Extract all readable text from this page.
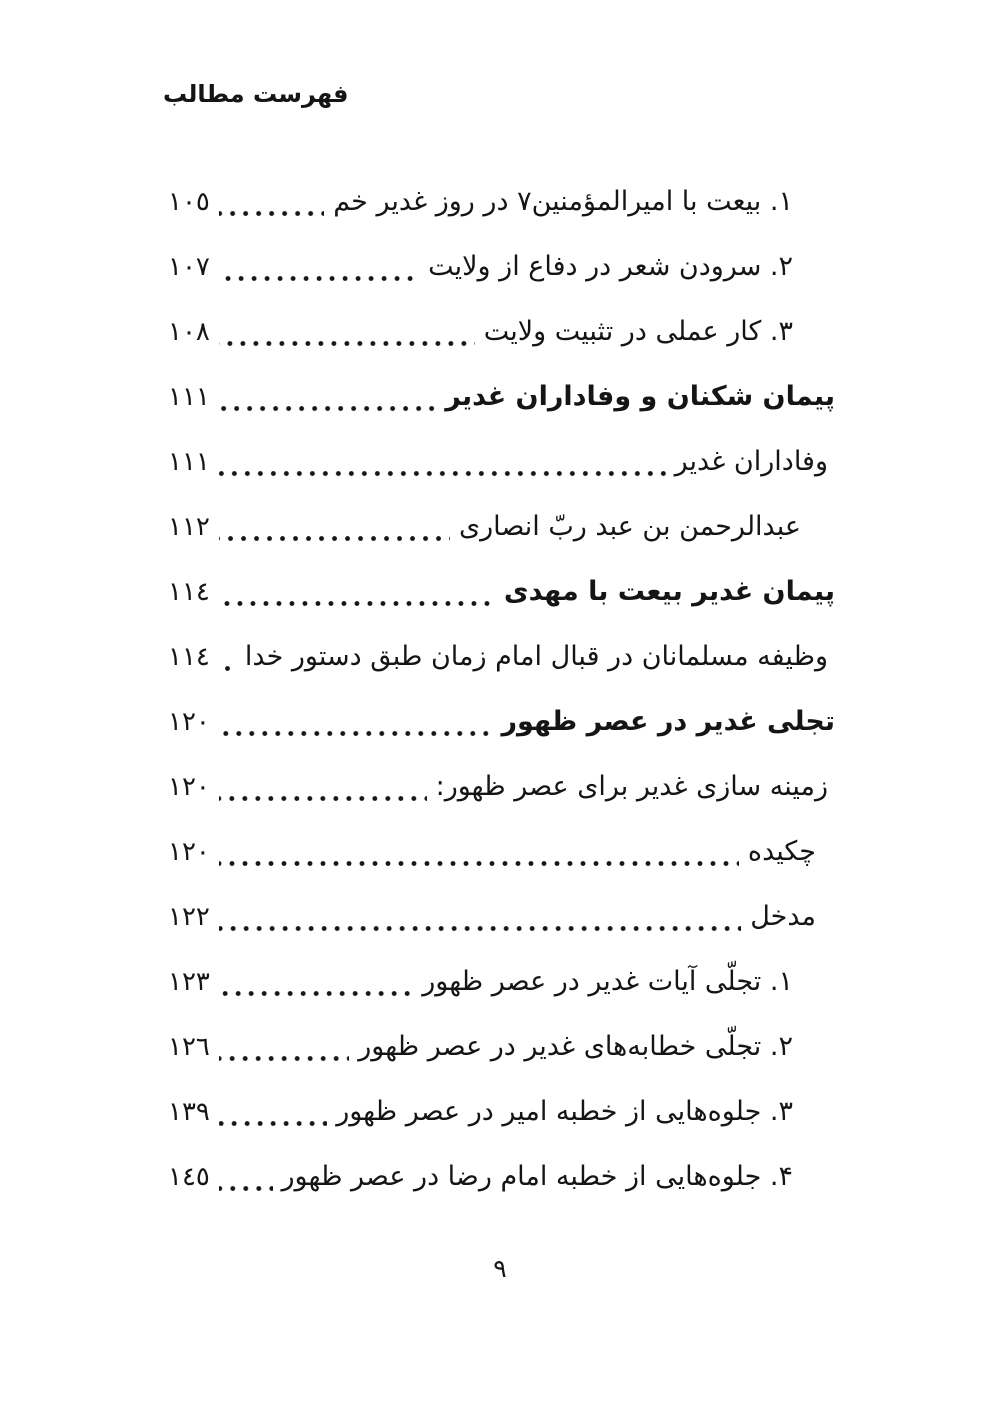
فهرست مطالب
۱. بیعت با امیرالمؤمنین۷ در روز غدیر خم
١٠٥
۲. سرودن شعر در دفاع از ولایت
١٠٧
۳. کار عملی در تثبیت ولایت
١٠٨
پیمان شکنان و وفاداران غدیر
١١١
وفاداران غدیر
١١١
عبدالرحمن بن عبد ربّ انصاری
١١٢
پیمان غدیر بیعت با مهدی
١١٤
وظیفه مسلمانان در قبال امام زمان طبق دستور خدا
١١٤
تجلی غدیر در عصر ظهور
١٢٠
زمینه سازی غدیر برای عصر ظهور:
١٢٠
چکیده
١٢٠
مدخل
١٢٢
۱. تجلّی آیات غدیر در عصر ظهور
١٢٣
۲. تجلّی خطابه‌های غدیر در عصر ظهور
١٢٦
۳. جلوه‌هایی از خطبه امیر در عصر ظهور
١٣٩
۴. جلوه‌هایی از خطبه امام رضا در عصر ظهور
١٤٥
٩
